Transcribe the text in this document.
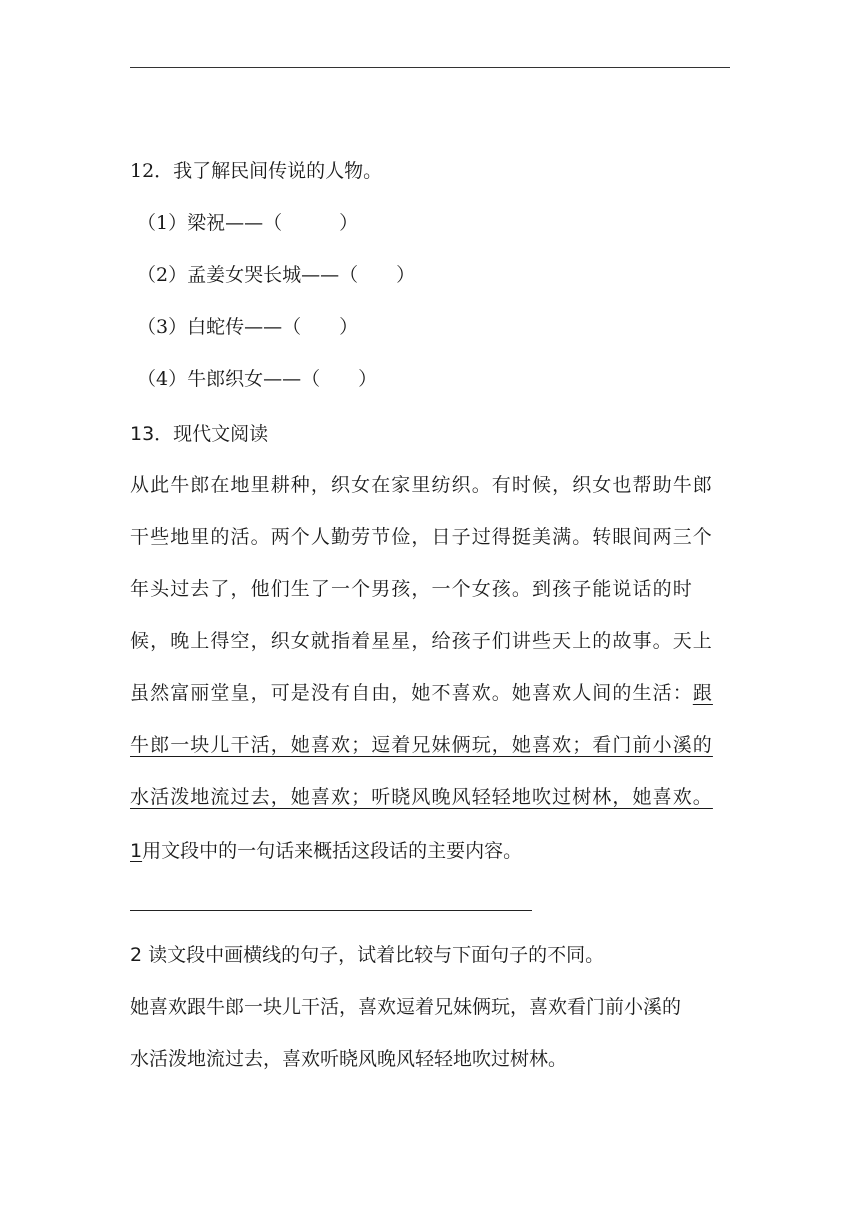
12．我了解民间传说的人物。
（1）梁祝——（　　　）
（2）孟姜女哭长城——（　　）
（3）白蛇传——（　　）
（4）牛郎织女——（　　）
13．现代文阅读
从此牛郎在地里耕种，织女在家里纺织。有时候，织女也帮助牛郎
干些地里的活。两个人勤劳节俭，日子过得挺美满。转眼间两三个
年头过去了，他们生了一个男孩，一个女孩。到孩子能说话的时
候，晚上得空，织女就指着星星，给孩子们讲些天上的故事。天上
虽然富丽堂皇，可是没有自由，她不喜欢。她喜欢人间的生活：跟
牛郎一块儿干活，她喜欢；逗着兄妹俩玩，她喜欢；看门前小溪的
水活泼地流过去，她喜欢；听晓风晚风轻轻地吹过树林，她喜欢。
1用文段中的一句话来概括这段话的主要内容。
2 读文段中画横线的句子，试着比较与下面句子的不同。
她喜欢跟牛郎一块儿干活，喜欢逗着兄妹俩玩，喜欢看门前小溪的
水活泼地流过去，喜欢听晓风晚风轻轻地吹过树林。
